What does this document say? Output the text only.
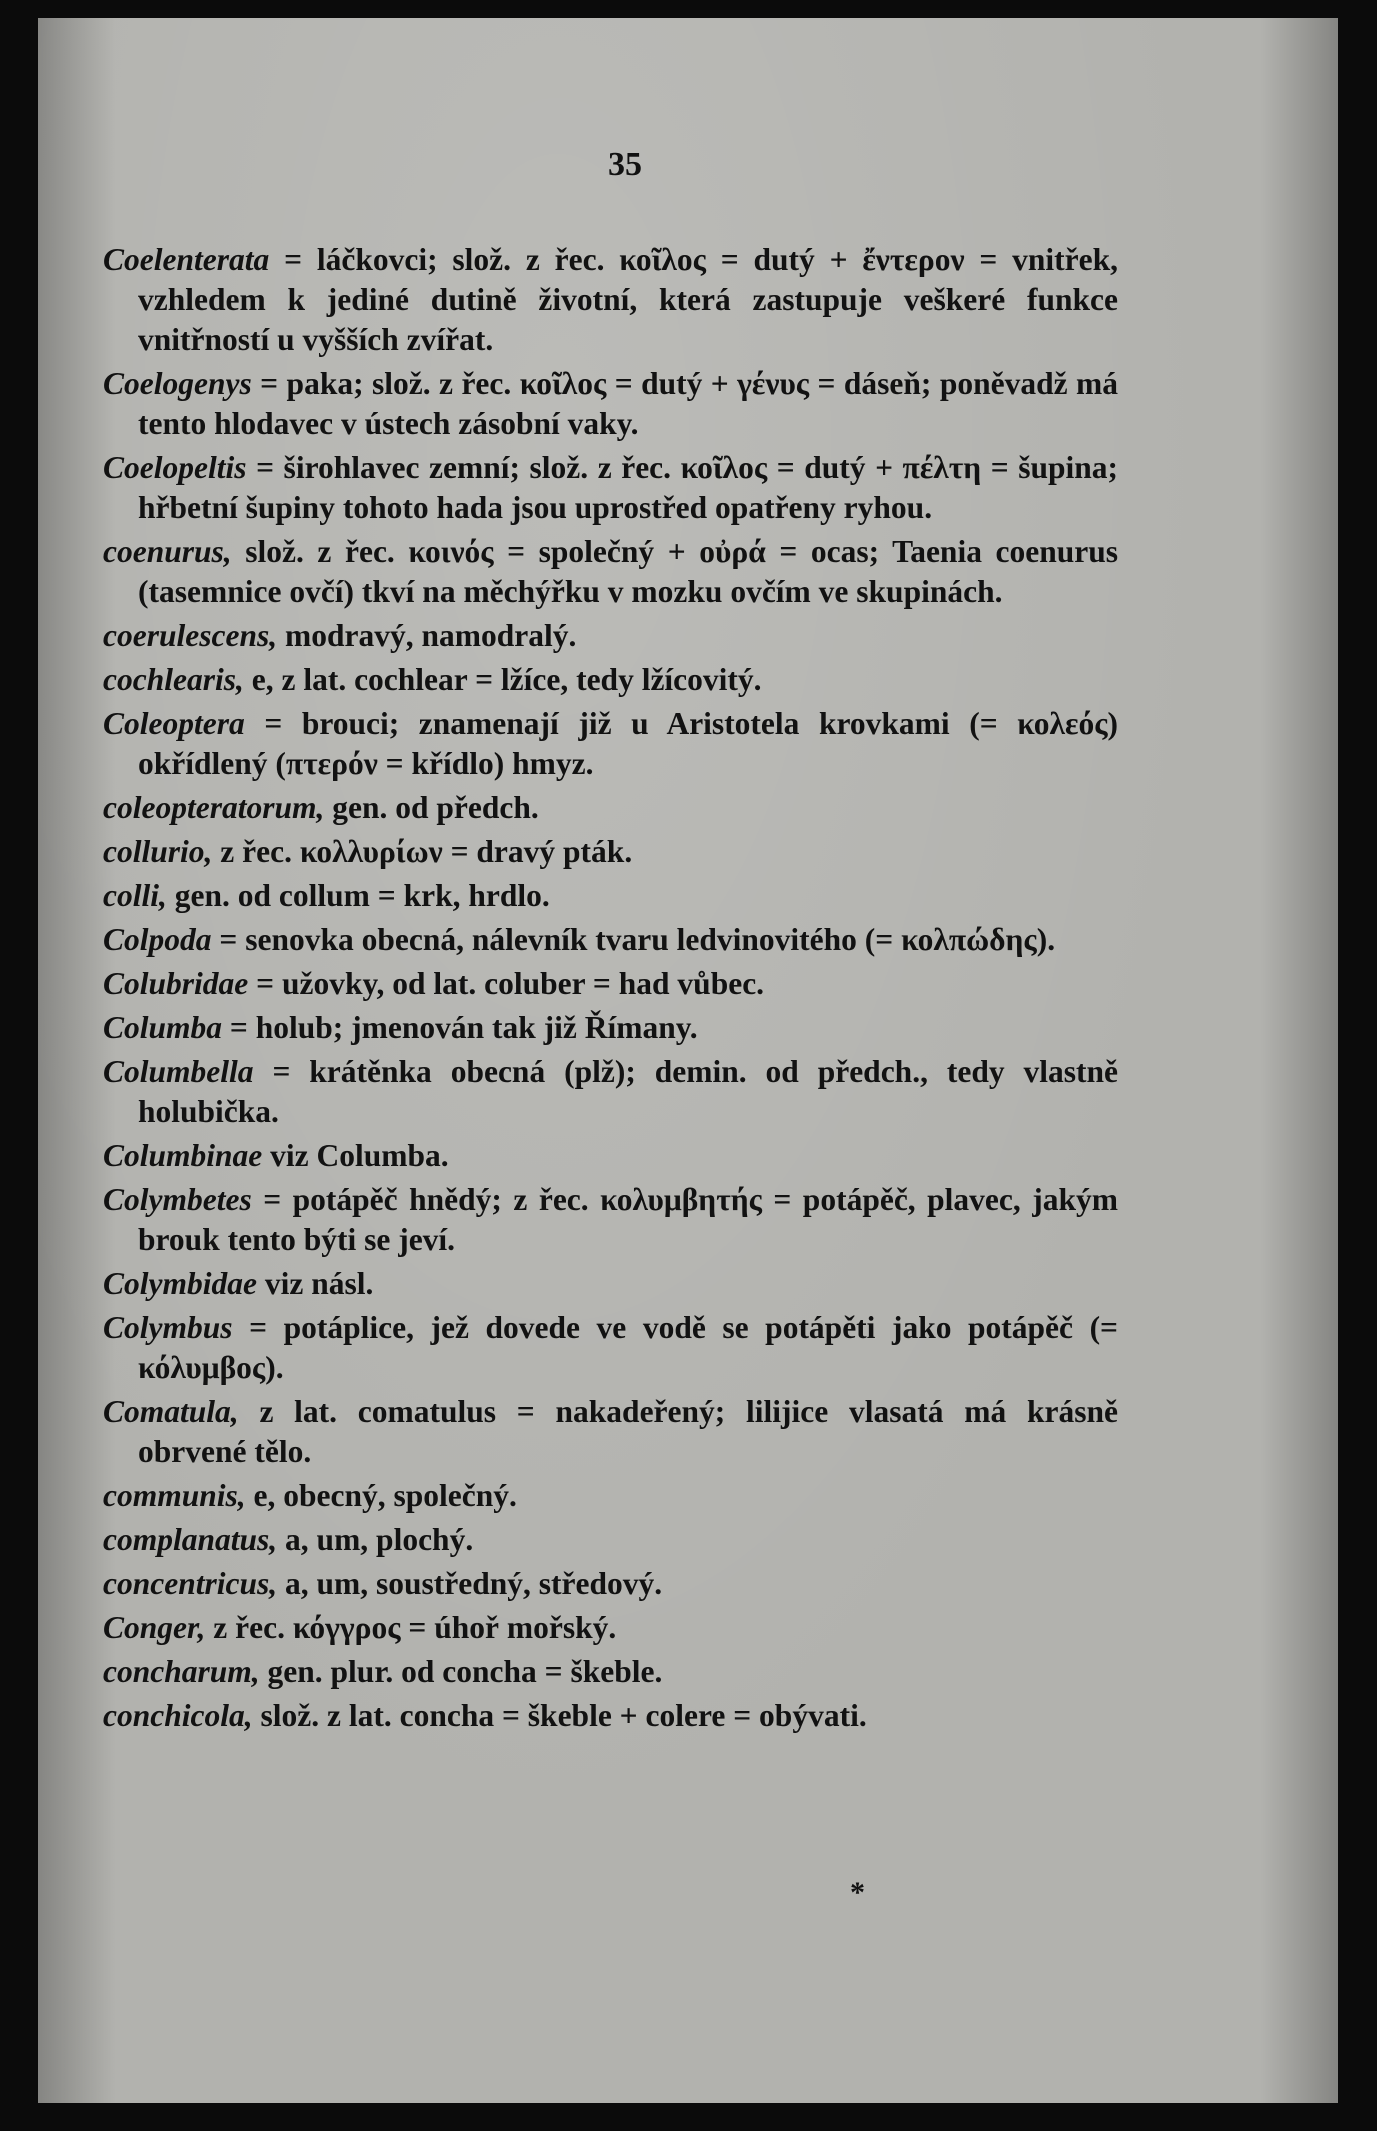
35
Coelenterata = láčkovci; slož. z řec. κοῖλος = dutý + ἔντερον = vnitřek, vzhledem k jediné dutině životní, která zastupuje veškeré funkce vnitřností u vyšších zvířat.
Coelogenys = paka; slož. z řec. κοῖλος = dutý + γένυς = dáseň; poněvadž má tento hlodavec v ústech zásobní vaky.
Coelopeltis = širohlavec zemní; slož. z řec. κοῖλος = dutý + πέλτη = šupina; hřbetní šupiny tohoto hada jsou uprostřed opatřeny ryhou.
coenurus, slož. z řec. κοινός = společný + οὐρά = ocas; Taenia coenurus (tasemnice ovčí) tkví na měchýřku v mozku ovčím ve skupinách.
coerulescens, modravý, namodralý.
cochlearis, e, z lat. cochlear = lžíce, tedy lžícovitý.
Coleoptera = brouci; znamenají již u Aristotela krovkami (= κολεός) okřídlený (πτερόν = křídlo) hmyz.
coleopteratorum, gen. od předch.
collurio, z řec. κολλυρίων = dravý pták.
colli, gen. od collum = krk, hrdlo.
Colpoda = senovka obecná, nálevník tvaru ledvinovitého (= κολπώδης).
Colubridae = užovky, od lat. coluber = had vůbec.
Columba = holub; jmenován tak již Římany.
Columbella = krátěnka obecná (plž); demin. od předch., tedy vlastně holubička.
Columbinae viz Columba.
Colymbetes = potápěč hnědý; z řec. κολυμβητής = potápěč, plavec, jakým brouk tento býti se jeví.
Colymbidae viz násl.
Colymbus = potáplice, jež dovede ve vodě se potápěti jako potápěč (= κόλυμβος).
Comatula, z lat. comatulus = nakadeřený; lilijice vlasatá má krásně obrvené tělo.
communis, e, obecný, společný.
complanatus, a, um, plochý.
concentricus, a, um, soustředný, středový.
Conger, z řec. κόγγρος = úhoř mořský.
concharum, gen. plur. od concha = škeble.
conchicola, slož. z lat. concha = škeble + colere = obývati.
*
